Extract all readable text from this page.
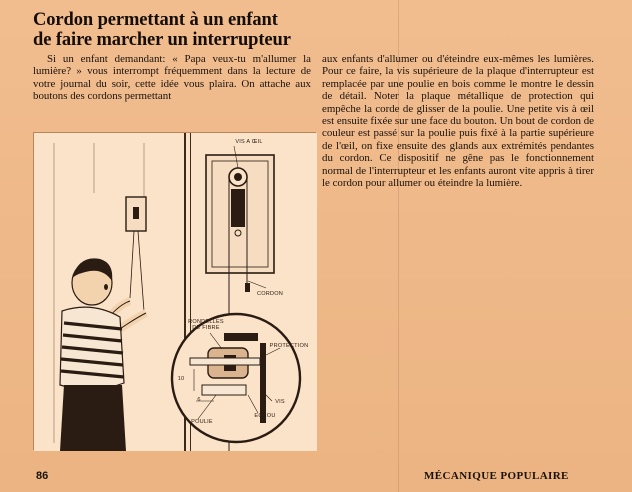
Cordon permettant à un enfant
de faire marcher un interrupteur

Si un enfant demandant: « Papa veux-tu m'allumer la lumière? » vous interrompt fréquemment dans la lecture de votre journal du soir, cette idée vous plaira. On attache aux boutons des cordons permettant

aux enfants d'allumer ou d'éteindre eux-mêmes les lumières. Pour ce faire, la vis supérieure de la plaque d'interrupteur est remplacée par une poulie en bois comme le montre le dessin de détail. Noter la plaque métallique de protection qui empêche la corde de glisser de la poulie. Une petite vis à œil est ensuite fixée sur une face du bouton. Un bout de cordon de couleur est passé sur la poulie puis fixé à la partie supérieure de l'œil, on fixe ensuite des glands aux extrémités pendantes du cordon. Ce dispositif ne gêne pas le fonctionnement normal de l'interrupteur et les enfants auront vite appris à tirer le cordon pour allumer ou éteindre la lumière.

VIS A ŒIL
CORDON
RONDELLES
DE FIBRE
PROTECTION
10
6	VIS
ECROU
POULIE
86	MÉCANIQUE POPULAIRE
